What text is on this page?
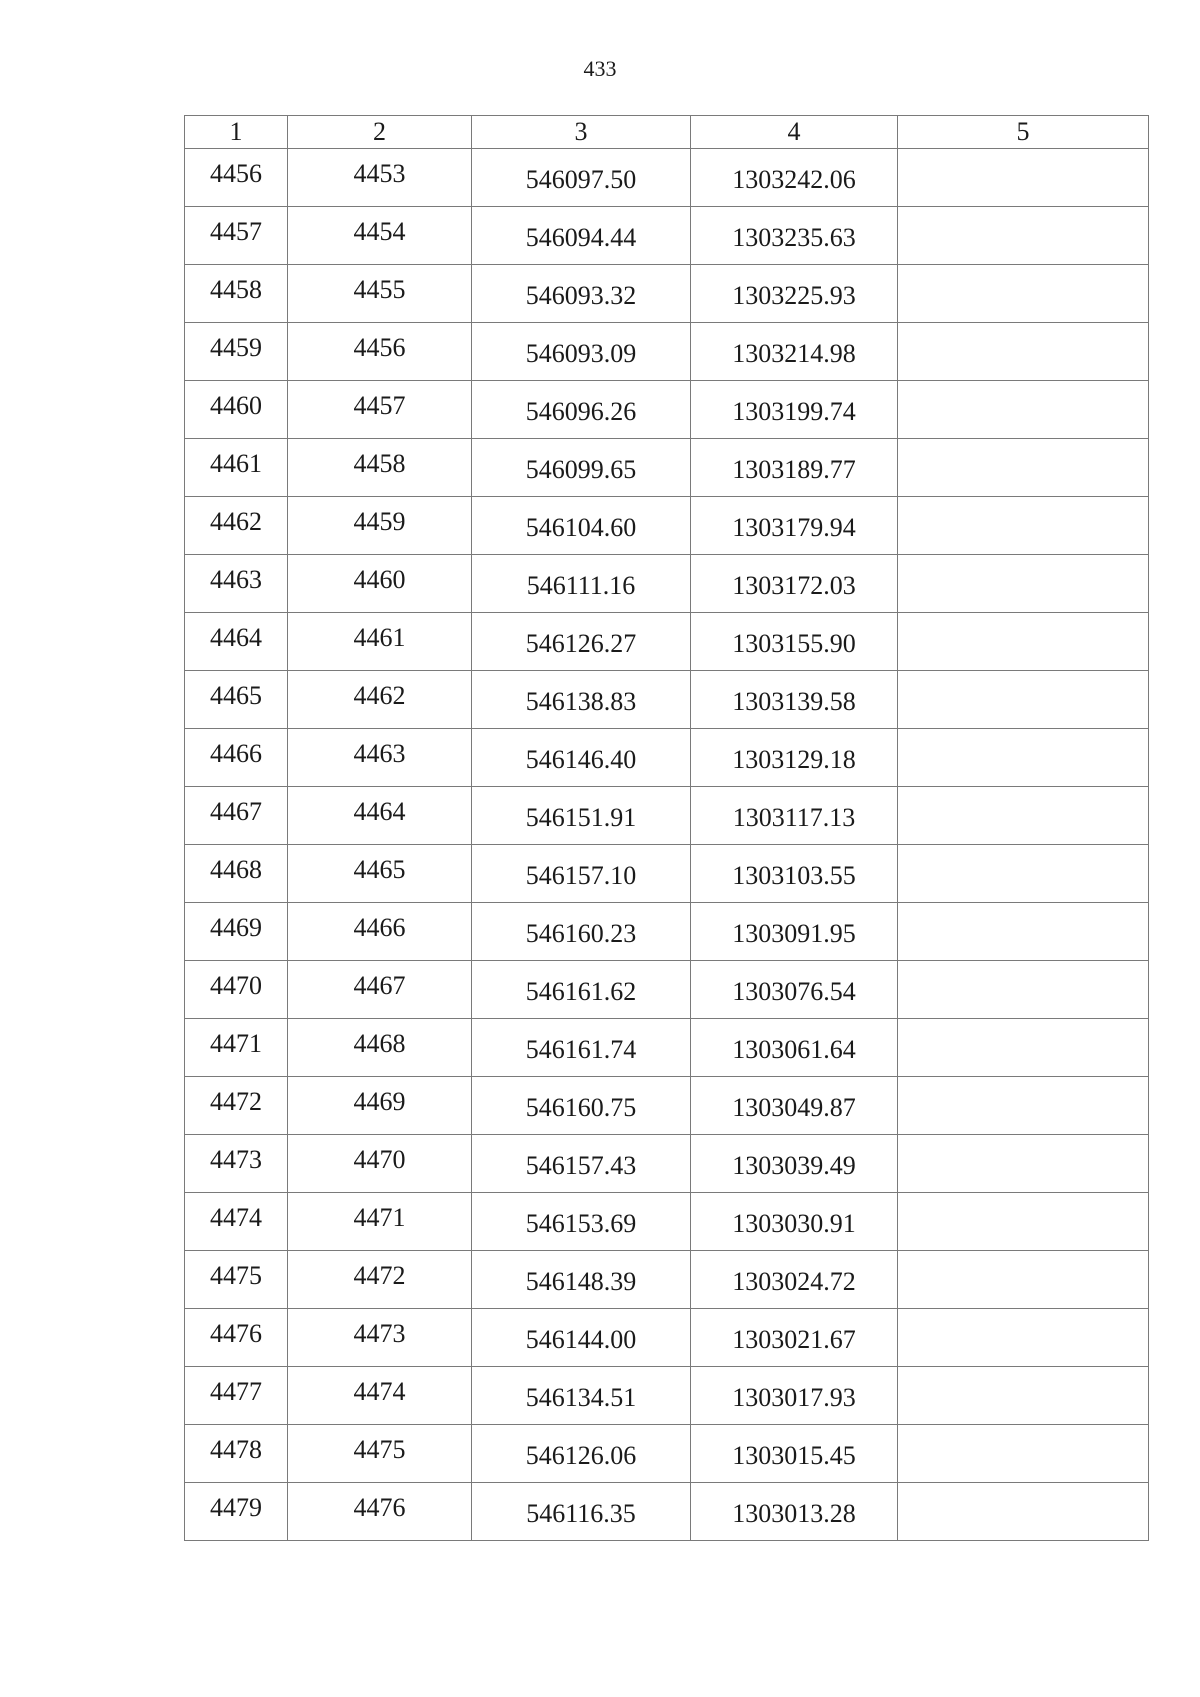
433
1	2	3	4	5
4456	4453	546097.50	1303242.06	
4457	4454	546094.44	1303235.63	
4458	4455	546093.32	1303225.93	
4459	4456	546093.09	1303214.98	
4460	4457	546096.26	1303199.74	
4461	4458	546099.65	1303189.77	
4462	4459	546104.60	1303179.94	
4463	4460	546111.16	1303172.03	
4464	4461	546126.27	1303155.90	
4465	4462	546138.83	1303139.58	
4466	4463	546146.40	1303129.18	
4467	4464	546151.91	1303117.13	
4468	4465	546157.10	1303103.55	
4469	4466	546160.23	1303091.95	
4470	4467	546161.62	1303076.54	
4471	4468	546161.74	1303061.64	
4472	4469	546160.75	1303049.87	
4473	4470	546157.43	1303039.49	
4474	4471	546153.69	1303030.91	
4475	4472	546148.39	1303024.72	
4476	4473	546144.00	1303021.67	
4477	4474	546134.51	1303017.93	
4478	4475	546126.06	1303015.45	
4479	4476	546116.35	1303013.28	
